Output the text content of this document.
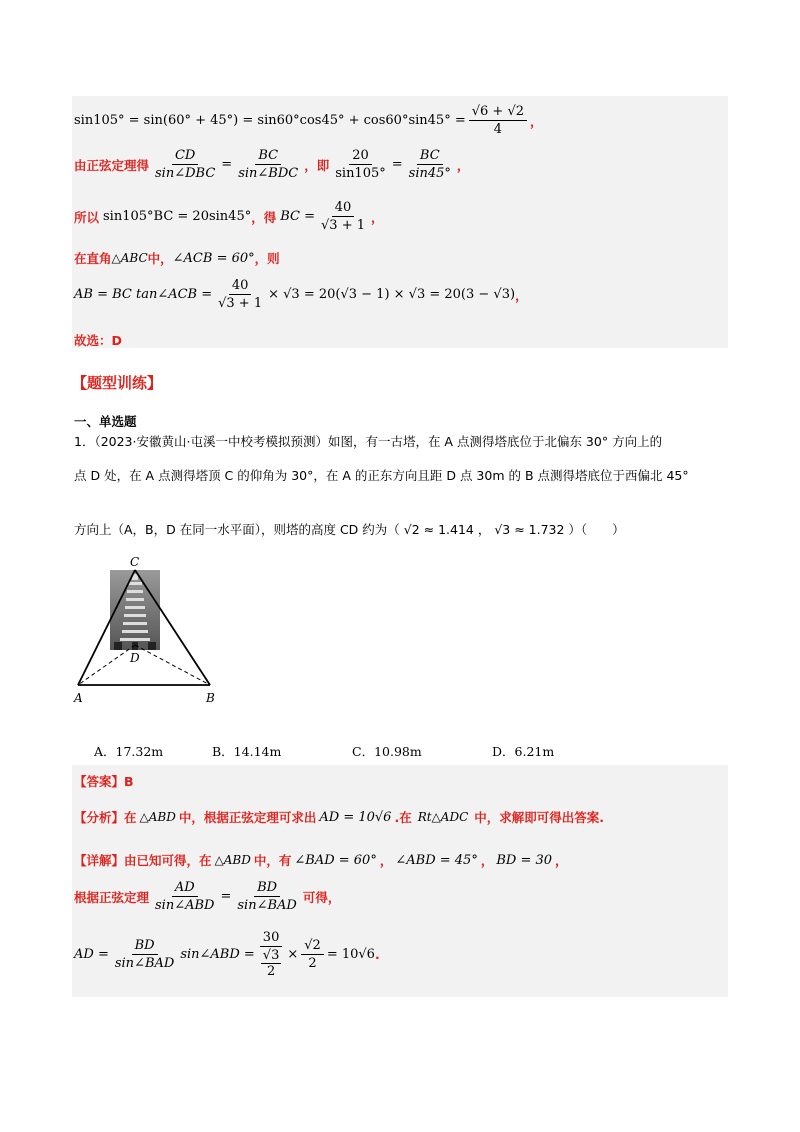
$\sin 105^\circ = \sin(60^\circ + 45^\circ) = \sin 60^\circ\cos 45^\circ + \cos 60^\circ\sin 45^\circ = \frac{√6 + √2}{4}$ ，
由正弦定理得 $\frac{CD}{\text{sin∠DBC}} = \frac{BC}{\text{sin∠BDC}}$ ，即 $\frac{20}{\sin 105^\circ} = \frac{BC}{\sin 45^\circ}$ ，
所以 sin105°BC = 20sin45° ，得 BC = $\frac{40}{√3 + 1}$ ，
在直角 △ABC 中， ∠ACB = 60° ，则
AB = BC tan∠ACB = $\frac{40}{√3 + 1} \times √3 = 20(√3 - 1) \times √3 = 20(3 - √3)$ ，
故选：D
【题型训练】
一、单选题
1．（2023·安徽黄山·屯溪一中校考模拟预测）如图，有一古塔，在 A 点测得塔底位于北偏东 30° 方向上的
点 D 处，在 A 点测得塔顶 C 的仰角为 30°，在 A 的正东方向且距 D 点 30m 的 B 点测得塔底位于西偏北 45°
方向上（A，B，D 在同一水平面），则塔的高度 CD 约为（ √2 ≈ 1.414 ， √3 ≈ 1.732 ）（　　）
C
D
A	B
A．17.32m	B．14.14m	C．10.98m	D．6.21m
【答案】B
【分析】在 △ABD 中，根据正弦定理可求出 AD = 10√6 .在 Rt△ADC 中，求解即可得出答案.
【详解】由已知可得，在 △ABD 中，有 ∠BAD = 60° ， ∠ABD = 45° ， BD = 30 ，
根据正弦定理 $\frac{AD}{\text{sin∠ABD}} = \frac{BD}{\text{sin∠BAD}}$ 可得，
AD = $\frac{BD}{\text{sin∠BAD}}$ sin∠ABD = $\frac{30}{\frac{√3}{2}} \times \frac{√2}{2} = 10√6$ .
